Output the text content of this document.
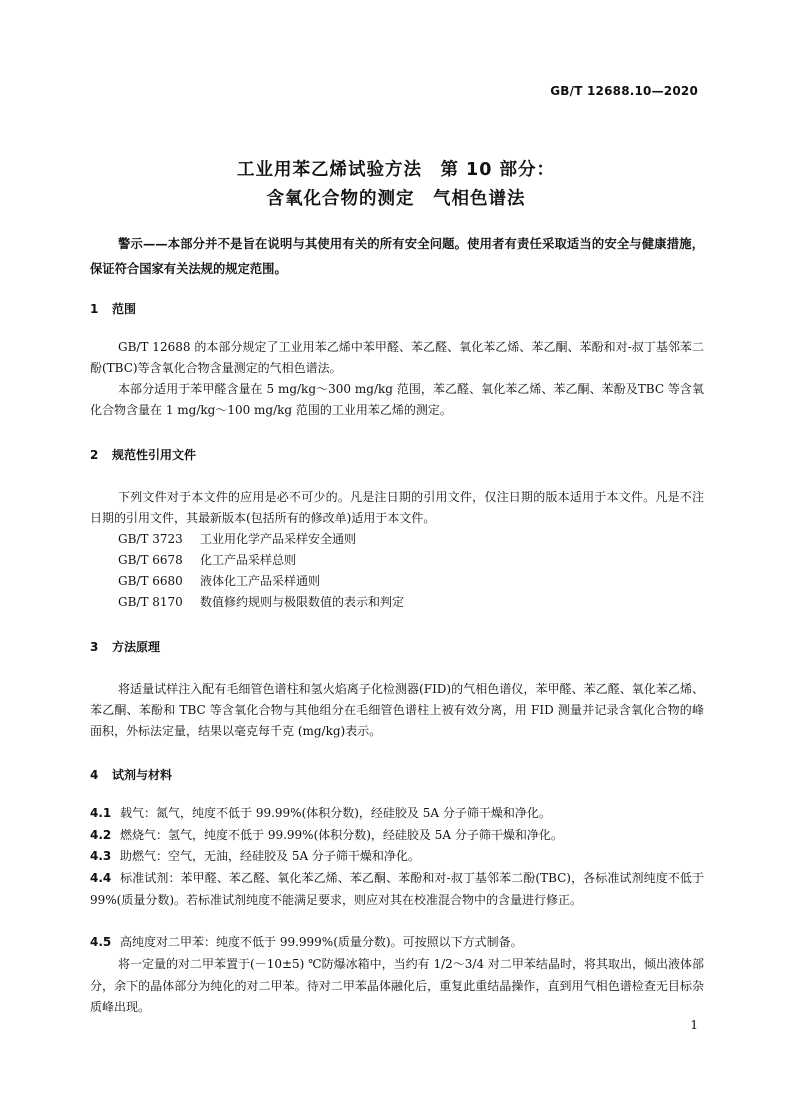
GB/T 12688.10—2020
工业用苯乙烯试验方法　第 10 部分：
含氧化合物的测定　气相色谱法
警示——本部分并不是旨在说明与其使用有关的所有安全问题。使用者有责任采取适当的安全与健康措施，保证符合国家有关法规的规定范围。
1 范围

GB/T 12688 的本部分规定了工业用苯乙烯中苯甲醛、苯乙醛、氧化苯乙烯、苯乙酮、苯酚和对-叔丁基邻苯二酚(TBC)等含氧化合物含量测定的气相色谱法。

本部分适用于苯甲醛含量在 5 mg/kg～300 mg/kg 范围，苯乙醛、氧化苯乙烯、苯乙酮、苯酚及TBC 等含氧化合物含量在 1 mg/kg～100 mg/kg 范围的工业用苯乙烯的测定。

2 规范性引用文件

下列文件对于本文件的应用是必不可少的。凡是注日期的引用文件，仅注日期的版本适用于本文件。凡是不注日期的引用文件，其最新版本(包括所有的修改单)适用于本文件。

GB/T 3723 工业用化学产品采样安全通则
GB/T 6678 化工产品采样总则
GB/T 6680 液体化工产品采样通则
GB/T 8170 数值修约规则与极限数值的表示和判定
3 方法原理

将适量试样注入配有毛细管色谱柱和氢火焰离子化检测器(FID)的气相色谱仪，苯甲醛、苯乙醛、氧化苯乙烯、苯乙酮、苯酚和 TBC 等含氧化合物与其他组分在毛细管色谱柱上被有效分离，用 FID 测量并记录含氧化合物的峰面积，外标法定量，结果以毫克每千克 (mg/kg)表示。

4 试剂与材料

4.1 载气：氮气，纯度不低于 99.99%(体积分数)，经硅胶及 5A 分子筛干燥和净化。

4.2 燃烧气：氢气，纯度不低于 99.99%(体积分数)，经硅胶及 5A 分子筛干燥和净化。

4.3 助燃气：空气，无油，经硅胶及 5A 分子筛干燥和净化。

4.4 标准试剂：苯甲醛、苯乙醛、氧化苯乙烯、苯乙酮、苯酚和对-叔丁基邻苯二酚(TBC)，各标准试剂纯度不低于 99%(质量分数)。若标准试剂纯度不能满足要求，则应对其在校准混合物中的含量进行修正。

4.5 高纯度对二甲苯：纯度不低于 99.999%(质量分数)。可按照以下方式制备。

将一定量的对二甲苯置于(－10±5) ℃防爆冰箱中，当约有 1/2～3/4 对二甲苯结晶时，将其取出，倾出液体部分，余下的晶体部分为纯化的对二甲苯。待对二甲苯晶体融化后，重复此重结晶操作，直到用气相色谱检查无目标杂质峰出现。

1
